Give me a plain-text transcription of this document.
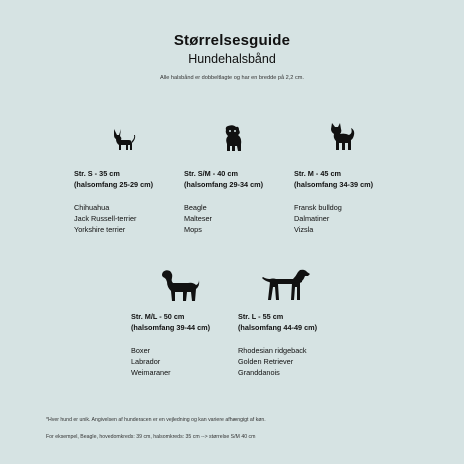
Størrelsesguide
Hundehalsbånd
Alle halsbånd er dobbeltlagte og har en bredde på 2,2 cm.
Str. S - 35 cm
(halsomfang 25-29 cm)
Chihuahua
Jack Russell-terrier
Yorkshire terrier
Str. S/M - 40 cm
(halsomfang 29-34 cm)
Beagle
Malteser
Mops
Str. M - 45 cm
(halsomfang 34-39 cm)
Fransk bulldog
Dalmatiner
Vizsla
Str. M/L - 50 cm
(halsomfang 39-44 cm)
Boxer
Labrador
Weimaraner
Str. L - 55 cm
(halsomfang 44-49 cm)
Rhodesian ridgeback
Golden Retriever
Granddanois
*Hver hund er unik. Angivelsen af hunderacen er en vejledning og kan variere afhængigt af køn.
For eksempel, Beagle, hovedomkreds: 39 cm, halsomkreds: 35 cm --> størrelse S/M 40 cm
